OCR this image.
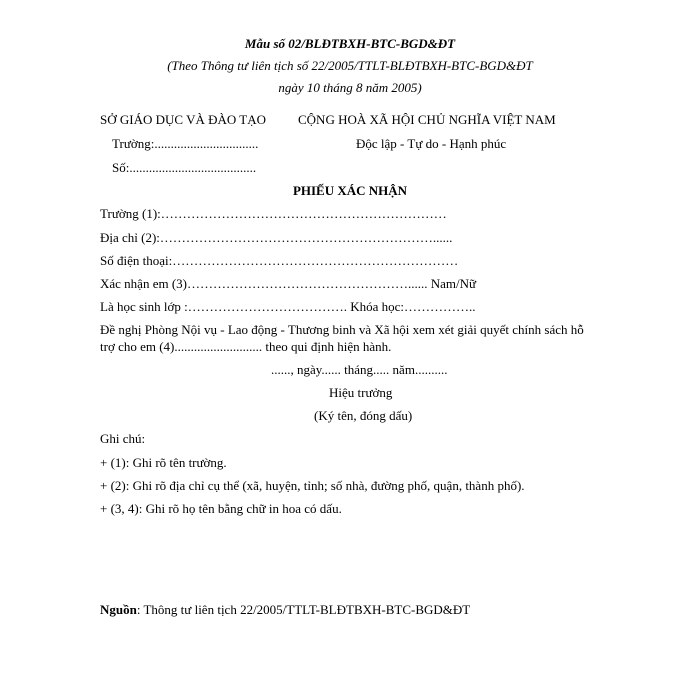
Mẫu số 02/BLĐTBXH-BTC-BGD&ĐT
(Theo Thông tư liên tịch số 22/2005/TTLT-BLĐTBXH-BTC-BGD&ĐT
ngày 10 tháng 8 năm 2005)
SỞ GIÁO DỤC VÀ ĐÀO TẠO CỘNG HOÀ XÃ HỘI CHỦ NGHĨA VIỆT NAM
Trường:................................	Độc lập - Tự do - Hạnh phúc
Số:.......................................
PHIẾU XÁC NHẬN
Trường (1):…………………………………………………………
Địa chỉ (2):………………………………………………………......
Số điện thoại:…………………………………………………………
Xác nhận em (3)……………………………………………...... Nam/Nữ
Là học sinh lớp :………………………………. Khóa học:……………..
Đề nghị Phòng Nội vụ - Lao động - Thương binh và Xã hội xem xét giải quyết chính sách hỗ
trợ cho em (4)........................... theo qui định hiện hành.
......, ngày...... tháng..... năm..........
Hiệu trưởng
(Ký tên, đóng dấu)
Ghi chú:
+ (1): Ghi rõ tên trường.
+ (2): Ghi rõ địa chỉ cụ thể (xã, huyện, tỉnh; số nhà, đường phố, quận, thành phố).
+ (3, 4): Ghi rõ họ tên bằng chữ in hoa có dấu.
Nguồn: Thông tư liên tịch 22/2005/TTLT-BLĐTBXH-BTC-BGD&ĐT
